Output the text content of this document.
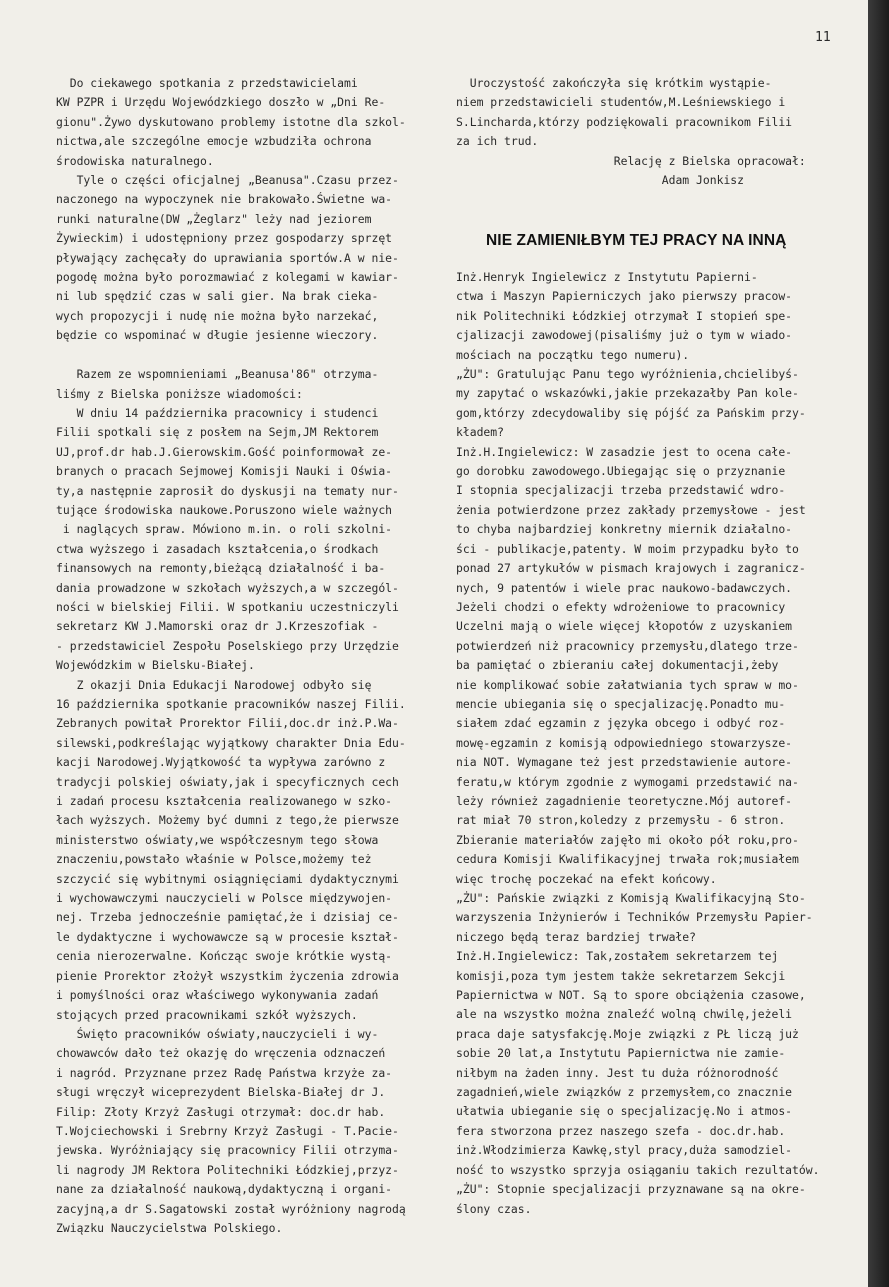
11

Do ciekawego spotkania z przedstawicielami
KW PZPR i Urzędu Wojewódzkiego doszło w „Dni Re-
gionu".Żywo dyskutowano problemy istotne dla szkol-
nictwa,ale szczególne emocje wzbudziła ochrona
środowiska naturalnego.
Tyle o części oficjalnej „Beanusa".Czasu przez-
naczonego na wypoczynek nie brakowało.Świetne wa-
runki naturalne(DW „Żeglarz" leży nad jeziorem
Żywieckim) i udostępniony przez gospodarzy sprzęt
pływający zachęcały do uprawiania sportów.A w nie-
pogodę można było porozmawiać z kolegami w kawiar-
ni lub spędzić czas w sali gier. Na brak cieka-
wych propozycji i nudę nie można było narzekać,
będzie co wspominać w długie jesienne wieczory.

Razem ze wspomnieniami „Beanusa'86" otrzyma-
liśmy z Bielska poniższe wiadomości:
W dniu 14 października pracownicy i studenci
Filii spotkali się z posłem na Sejm,JM Rektorem
UJ,prof.dr hab.J.Gierowskim.Gość poinformował ze-
branych o pracach Sejmowej Komisji Nauki i Oświa-
ty,a następnie zaprosił do dyskusji na tematy nur-
tujące środowiska naukowe.Poruszono wiele ważnych
i naglących spraw. Mówiono m.in. o roli szkolni-
ctwa wyższego i zasadach kształcenia,o środkach
finansowych na remonty,bieżącą działalność i ba-
dania prowadzone w szkołach wyższych,a w szczegól-
ności w bielskiej Filii. W spotkaniu uczestniczyli
sekretarz KW J.Mamorski oraz dr J.Krzeszofiak -
- przedstawiciel Zespołu Poselskiego przy Urzędzie
Wojewódzkim w Bielsku-Białej.
Z okazji Dnia Edukacji Narodowej odbyło się
16 października spotkanie pracowników naszej Filii.
Zebranych powitał Prorektor Filii,doc.dr inż.P.Wa-
silewski,podkreślając wyjątkowy charakter Dnia Edu-
kacji Narodowej.Wyjątkowość ta wypływa zarówno z
tradycji polskiej oświaty,jak i specyficznych cech
i zadań procesu kształcenia realizowanego w szko-
łach wyższych. Możemy być dumni z tego,że pierwsze
ministerstwo oświaty,we współczesnym tego słowa
znaczeniu,powstało właśnie w Polsce,możemy też
szczycić się wybitnymi osiągnięciami dydaktycznymi
i wychowawczymi nauczycieli w Polsce międzywojen-
nej. Trzeba jednocześnie pamiętać,że i dzisiaj ce-
le dydaktyczne i wychowawcze są w procesie kształ-
cenia nierozerwalne. Kończąc swoje krótkie wystą-
pienie Prorektor złożył wszystkim życzenia zdrowia
i pomyślności oraz właściwego wykonywania zadań
stojących przed pracownikami szkół wyższych.
Święto pracowników oświaty,nauczycieli i wy-
chowawców dało też okazję do wręczenia odznaczeń
i nagród. Przyznane przez Radę Państwa krzyże za-
sługi wręczył wiceprezydent Bielska-Białej dr J.
Filip: Złoty Krzyż Zasługi otrzymał: doc.dr hab.
T.Wojciechowski i Srebrny Krzyż Zasługi - T.Pacie-
jewska. Wyróżniający się pracownicy Filii otrzyma-
li nagrody JM Rektora Politechniki Łódzkiej,przyz-
nane za działalność naukową,dydaktyczną i organi-
zacyjną,a dr S.Sagatowski został wyróżniony nagrodą
Związku Nauczycielstwa Polskiego.

Uroczystość zakończyła się krótkim wystąpie-
niem przedstawicieli studentów,M.Leśniewskiego i
S.Lincharda,którzy podziękowali pracownikom Filii
za ich trud.
Relację z Bielska opracował:
Adam Jonkisz

NIE ZAMIENIŁBYM TEJ PRACY NA INNĄ

Inż.Henryk Ingielewicz z Instytutu Papierni-
ctwa i Maszyn Papierniczych jako pierwszy pracow-
nik Politechniki Łódzkiej otrzymał I stopień spe-
cjalizacji zawodowej(pisaliśmy już o tym w wiado-
mościach na początku tego numeru).
„ŻU": Gratulując Panu tego wyróżnienia,chcielibyś-
my zapytać o wskazówki,jakie przekazałby Pan kole-
gom,którzy zdecydowaliby się pójść za Pańskim przy-
kładem?
Inż.H.Ingielewicz: W zasadzie jest to ocena całe-
go dorobku zawodowego.Ubiegając się o przyznanie
I stopnia specjalizacji trzeba przedstawić wdro-
żenia potwierdzone przez zakłady przemysłowe - jest
to chyba najbardziej konkretny miernik działalno-
ści - publikacje,patenty. W moim przypadku było to
ponad 27 artykułów w pismach krajowych i zagranicz-
nych, 9 patentów i wiele prac naukowo-badawczych.
Jeżeli chodzi o efekty wdrożeniowe to pracownicy
Uczelni mają o wiele więcej kłopotów z uzyskaniem
potwierdzeń niż pracownicy przemysłu,dlatego trze-
ba pamiętać o zbieraniu całej dokumentacji,żeby
nie komplikować sobie załatwiania tych spraw w mo-
mencie ubiegania się o specjalizację.Ponadto mu-
siałem zdać egzamin z języka obcego i odbyć roz-
mowę-egzamin z komisją odpowiedniego stowarzysze-
nia NOT. Wymagane też jest przedstawienie autore-
feratu,w którym zgodnie z wymogami przedstawić na-
leży również zagadnienie teoretyczne.Mój autoref-
rat miał 70 stron,koledzy z przemysłu - 6 stron.
Zbieranie materiałów zajęło mi około pół roku,pro-
cedura Komisji Kwalifikacyjnej trwała rok;musiałem
więc trochę poczekać na efekt końcowy.
„ŻU": Pańskie związki z Komisją Kwalifikacyjną Sto-
warzyszenia Inżynierów i Techników Przemysłu Papier-
niczego będą teraz bardziej trwałe?
Inż.H.Ingielewicz: Tak,zostałem sekretarzem tej
komisji,poza tym jestem także sekretarzem Sekcji
Papiernictwa w NOT. Są to spore obciążenia czasowe,
ale na wszystko można znaleźć wolną chwilę,jeżeli
praca daje satysfakcję.Moje związki z PŁ liczą już
sobie 20 lat,a Instytutu Papiernictwa nie zamie-
niłbym na żaden inny. Jest tu duża różnorodność
zagadnień,wiele związków z przemysłem,co znacznie
ułatwia ubieganie się o specjalizację.No i atmos-
fera stworzona przez naszego szefa - doc.dr.hab.
inż.Włodzimierza Kawkę,styl pracy,duża samodziel-
ność to wszystko sprzyja osiąganiu takich rezultatów.
„ŻU": Stopnie specjalizacji przyznawane są na okre-
ślony czas.
